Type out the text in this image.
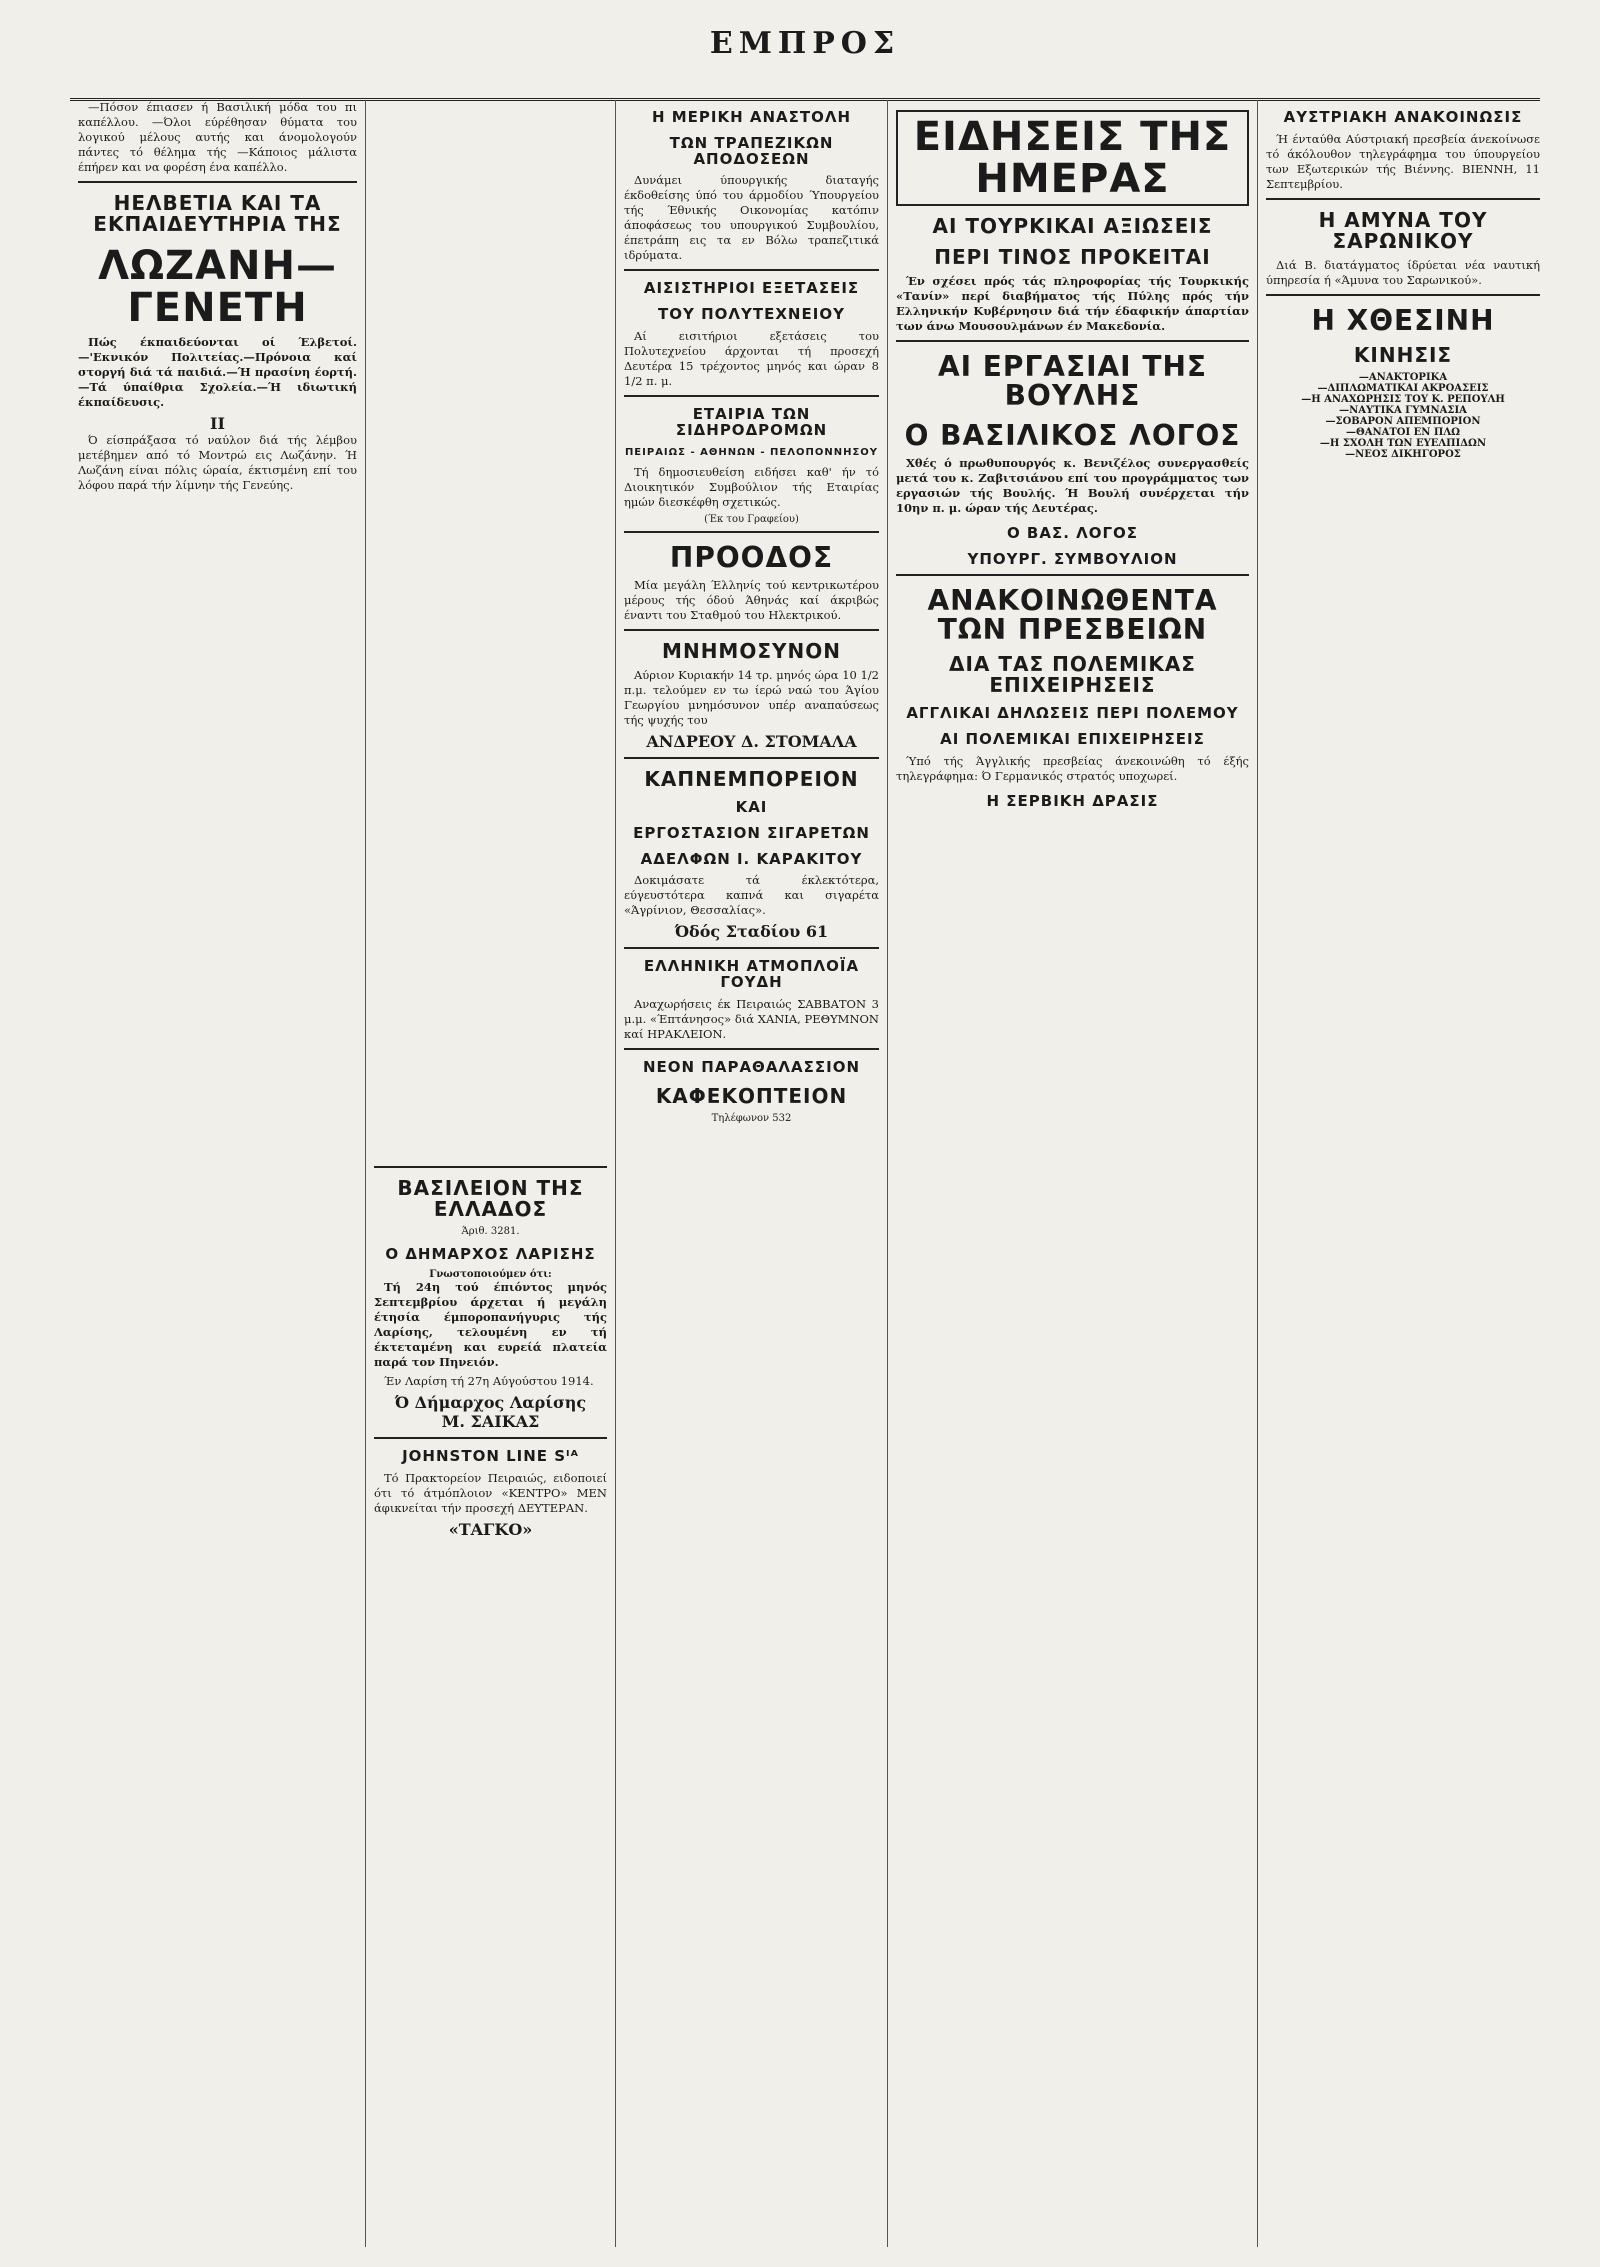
ΕΜΠΡΟΣ

—Πόσον έπιασεν ή Βασιλική μόδα του πι καπέλλου. —Όλοι εύρέθησαν θύματα του λογικού μέλους αυτής και άνομολογούν πάντες τό θέλημα τής —Κάποιος μάλιστα έπήρεν και να φορέση ένα καπέλλο.

ΗΕΛΒΕΤΙΑ ΚΑΙ ΤΑ ΕΚΠΑΙΔΕΥΤΗΡΙΑ ΤΗΣ
ΛΩΖΑΝΗ—ΓΕΝΕΤΗ

Πώς έκπαιδεύονται οί Έλβετοί.—'Εκνικόν Πολιτείας.—Πρόνοια καί στοργή διά τά παιδιά.—Ή πρασίνη έορτή.—Τά ύπαίθρια Σχολεία.—Ή ιδιωτική έκπαίδευσις.

II

Ό είσπράξασα τό ναύλον διά τής λέμβου μετέβημεν από τό Μοντρώ εις Λωζάνην. Ή Λωζάνη είναι πόλις ώραία, έκτισμένη επί του λόφου παρά τήν λίμνην τής Γενεύης.

ΒΑΣΙΛΕΙΟΝ ΤΗΣ ΕΛΛΑΔΟΣ
Άριθ. 3281.
Ο ΔΗΜΑΡΧΟΣ ΛΑΡΙΣΗΣ
Γνωστοποιούμεν ότι:

Τή 24η τού έπιόντος μηνός Σεπτεμβρίου άρχεται ή μεγάλη έτησία έμποροπανήγυρις τής Λαρίσης, τελουμένη εν τή έκτεταμένη και ευρείά πλατεία παρά τον Πηνειόν.

Έν Λαρίση τή 27η Αύγούστου 1914.

Ό Δήμαρχος Λαρίσης
Μ. ΣΑΙΚΑΣ
JOHNSTON LINE Sᴵᴬ

Τό Πρακτορείον Πειραιώς, ειδοποιεί ότι τό άτμόπλοιον «ΚΕΝΤΡΟ» ΜΕΝ άφικνείται τήν προσεχή ΔΕΥΤΕΡΑΝ.

«ΤΑΓΚΟ»
Η ΜΕΡΙΚΗ ΑΝΑΣΤΟΛΗ
ΤΩΝ ΤΡΑΠΕΖΙΚΩΝ ΑΠΟΔΟΣΕΩΝ

Δυνάμει ύπουργικής διαταγής έκδοθείσης ύπό του άρμοδίου Ύπουργείου τής Έθνικής Οικονομίας κατόπιν άποφάσεως του υπουργικού Συμβουλίου, έπετράπη εις τα εν Βόλω τραπεζιτικά ιδρύματα.

ΑΙΣΙΣΤΗΡΙΟΙ ΕΞΕΤΑΣΕΙΣ
ΤΟΥ ΠΟΛΥΤΕΧΝΕΙΟΥ

Αί εισιτήριοι εξετάσεις του Πολυτεχνείου άρχονται τή προσεχή Δευτέρα 15 τρέχοντος μηνός και ώραν 8 1/2 π. μ.

ΕΤΑΙΡΙΑ ΤΩΝ ΣΙΔΗΡΟΔΡΟΜΩΝ
ΠΕΙΡΑΙΩΣ - ΑΘΗΝΩΝ - ΠΕΛΟΠΟΝΝΗΣΟΥ

Τή δημοσιευθείση ειδήσει καθ' ήν τό Διοικητικόν Συμβούλιον τής Εταιρίας ημών διεσκέφθη σχετικώς.

(Έκ του Γραφείου)
ΠΡΟΟΔΟΣ

Μία μεγάλη Έλληνίς τού κεντρικωτέρου μέρους τής όδού Άθηνάς καί άκριβώς έναντι του Σταθμού του Ηλεκτρικού.

ΜΝΗΜΟΣΥΝΟΝ

Αύριον Κυριακήν 14 τρ. μηνός ώρα 10 1/2 π.μ. τελούμεν εν τω ίερώ ναώ του Άγίου Γεωργίου μνημόσυνον υπέρ αναπαύσεως τής ψυχής του

ΑΝΔΡΕΟΥ Δ. ΣΤΟΜΑΛΑ
ΚΑΠΝΕΜΠΟΡΕΙΟΝ
ΚΑΙ
ΕΡΓΟΣΤΑΣΙΟΝ ΣΙΓΑΡΕΤΩΝ
ΑΔΕΛΦΩΝ Ι. ΚΑΡΑΚΙΤΟΥ

Δοκιμάσατε τά έκλεκτότερα, εύγευστότερα καπνά και σιγαρέτα «Άγρίνιον, Θεσσαλίας».

Όδός Σταδίου 61
ΕΛΛΗΝΙΚΗ ΑΤΜΟΠΛΟΪΑ ΓΟΥΔΗ

Αναχωρήσεις έκ Πειραιώς ΣΑΒΒΑΤΟΝ 3 μ.μ. «Έπτάνησος» διά ΧΑΝΙΑ, ΡΕΘΥΜΝΟΝ καί ΗΡΑΚΛΕΙΟΝ.

ΝΕΟΝ ΠΑΡΑΘΑΛΑΣΣΙΟΝ
ΚΑΦΕΚΟΠΤΕΙΟΝ
Τηλέφωνον 532
ΕΙΔΗΣΕΙΣ ΤΗΣ ΗΜΕΡΑΣ
ΑΙ ΤΟΥΡΚΙΚΑΙ ΑΞΙΩΣΕΙΣ
ΠΕΡΙ ΤΙΝΟΣ ΠΡΟΚΕΙΤΑΙ

Έν σχέσει πρός τάς πληροφορίας τής Τουρκικής «Τανίν» περί διαβήματος τής Πύλης πρός τήν Ελληνικήν Κυβέρνησιν διά τήν έδαφικήν άπαρτίαν των άνω Μουσουλμάνων έν Μακεδονία.

ΑΙ ΕΡΓΑΣΙΑΙ ΤΗΣ ΒΟΥΛΗΣ
Ο ΒΑΣΙΛΙΚΟΣ ΛΟΓΟΣ

Χθές ό πρωθυπουργός κ. Βενιζέλος συνεργασθείς μετά του κ. Ζαβιτσιάνου επί του προγράμματος των εργασιών τής Βουλής. Ή Βουλή συνέρχεται τήν 10ην π. μ. ώραν τής Δευτέρας.

Ο ΒΑΣ. ΛΟΓΟΣ
ΥΠΟΥΡΓ. ΣΥΜΒΟΥΛΙΟΝ
ΑΝΑΚΟΙΝΩΘΕΝΤΑ ΤΩΝ ΠΡΕΣΒΕΙΩΝ
ΔΙΑ ΤΑΣ ΠΟΛΕΜΙΚΑΣ ΕΠΙΧΕΙΡΗΣΕΙΣ
ΑΓΓΛΙΚΑΙ ΔΗΛΩΣΕΙΣ ΠΕΡΙ ΠΟΛΕΜΟΥ
ΑΙ ΠΟΛΕΜΙΚΑΙ ΕΠΙΧΕΙΡΗΣΕΙΣ

Ύπό τής Άγγλικής πρεσβείας άνεκοινώθη τό έξής τηλεγράφημα: Ό Γερμανικός στρατός υποχωρεί.

Η ΣΕΡΒΙΚΗ ΔΡΑΣΙΣ
ΑΥΣΤΡΙΑΚΗ ΑΝΑΚΟΙΝΩΣΙΣ

Ή ένταύθα Αύστριακή πρεσβεία άνεκοίνωσε τό άκόλουθον τηλεγράφημα του ύπουργείου των Εξωτερικών τής Βιέννης. ΒΙΕΝΝΗ, 11 Σεπτεμβρίου.

Η ΑΜΥΝΑ ΤΟΥ ΣΑΡΩΝΙΚΟΥ

Διά Β. διατάγματος ίδρύεται νέα ναυτική ύπηρεσία ή «Άμυνα του Σαρωνικού».

Η ΧΘΕΣΙΝΗ
ΚΙΝΗΣΙΣ
—ΑΝΑΚΤΟΡΙΚΑ
—ΔΙΠΛΩΜΑΤΙΚΑΙ ΑΚΡΟΑΣΕΙΣ
—Η ΑΝΑΧΩΡΗΣΙΣ ΤΟΥ Κ. ΡΕΠΟΥΛΗ
—ΝΑΥΤΙΚΑ ΓΥΜΝΑΣΙΑ
—ΣΟΒΑΡΟΝ ΑΠΕΜΠΟΡΙΟΝ
—ΘΑΝΑΤΟΙ ΕΝ ΠΛΩ
—Η ΣΧΟΛΗ ΤΩΝ ΕΥΕΛΠΙΔΩΝ
—ΝΕΟΣ ΔΙΚΗΓΟΡΟΣ
